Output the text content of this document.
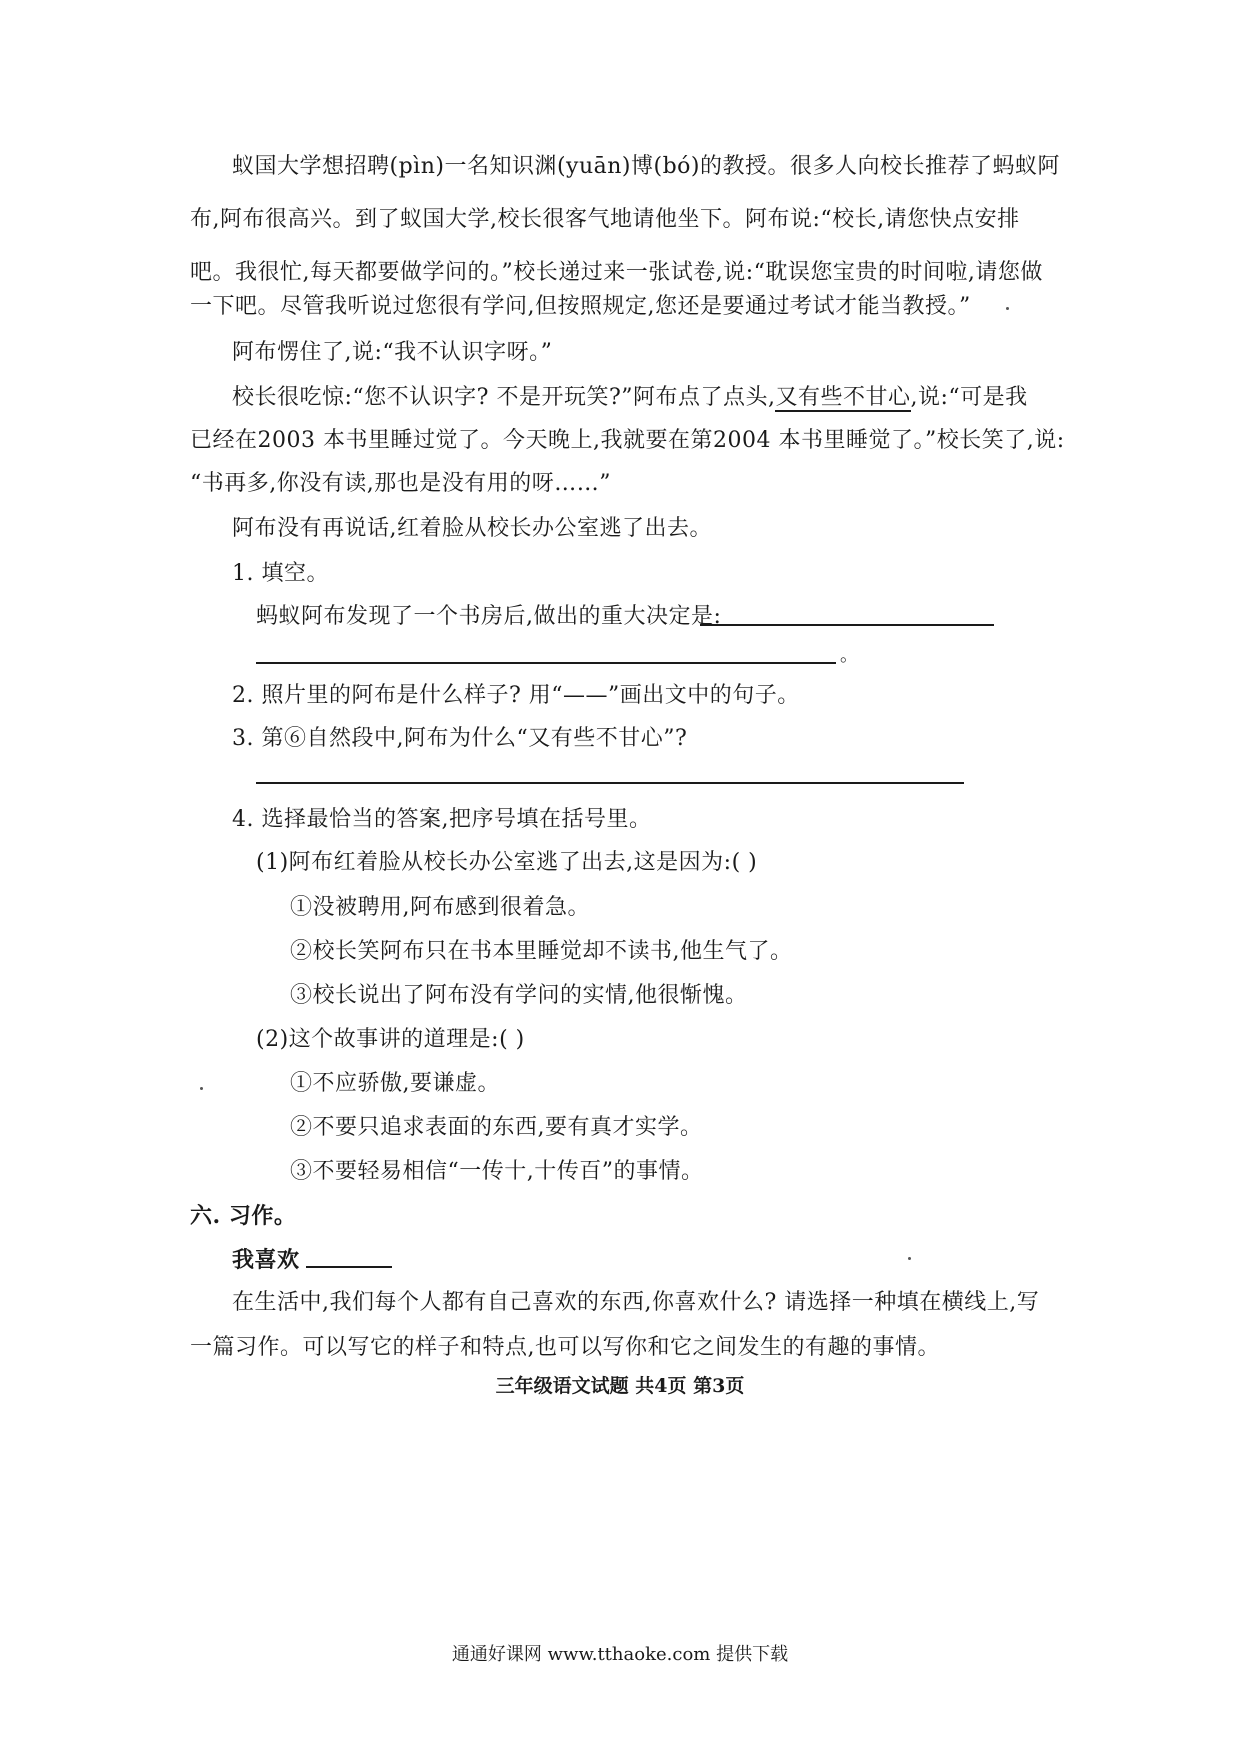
蚁国大学想招聘(pìn)一名知识渊(yuān)博(bó)的教授。很多人向校长推荐了蚂蚁阿
布,阿布很高兴。到了蚁国大学,校长很客气地请他坐下。阿布说:“校长,请您快点安排
吧。我很忙,每天都要做学问的。”校长递过来一张试卷,说:“耽误您宝贵的时间啦,请您做
一下吧。尽管我听说过您很有学问,但按照规定,您还是要通过考试才能当教授。”
阿布愣住了,说:“我不认识字呀。”
校长很吃惊:“您不认识字? 不是开玩笑?”阿布点了点头,又有些不甘心,说:“可是我
已经在2003 本书里睡过觉了。今天晚上,我就要在第2004 本书里睡觉了。”校长笑了,说:
“书再多,你没有读,那也是没有用的呀……”
阿布没有再说话,红着脸从校长办公室逃了出去。
1. 填空。
蚂蚁阿布发现了一个书房后,做出的重大决定是:
。
2. 照片里的阿布是什么样子? 用“——”画出文中的句子。
3. 第⑥自然段中,阿布为什么“又有些不甘心”?
4. 选择最恰当的答案,把序号填在括号里。
(1)阿布红着脸从校长办公室逃了出去,这是因为:( )
①没被聘用,阿布感到很着急。
②校长笑阿布只在书本里睡觉却不读书,他生气了。
③校长说出了阿布没有学问的实情,他很惭愧。
(2)这个故事讲的道理是:( )
①不应骄傲,要谦虚。
②不要只追求表面的东西,要有真才实学。
③不要轻易相信“一传十,十传百”的事情。
六. 习作。
我喜欢
在生活中,我们每个人都有自己喜欢的东西,你喜欢什么? 请选择一种填在横线上,写
一篇习作。可以写它的样子和特点,也可以写你和它之间发生的有趣的事情。
三年级语文试题 共4页 第3页
通通好课网 www.tthaoke.com 提供下载
